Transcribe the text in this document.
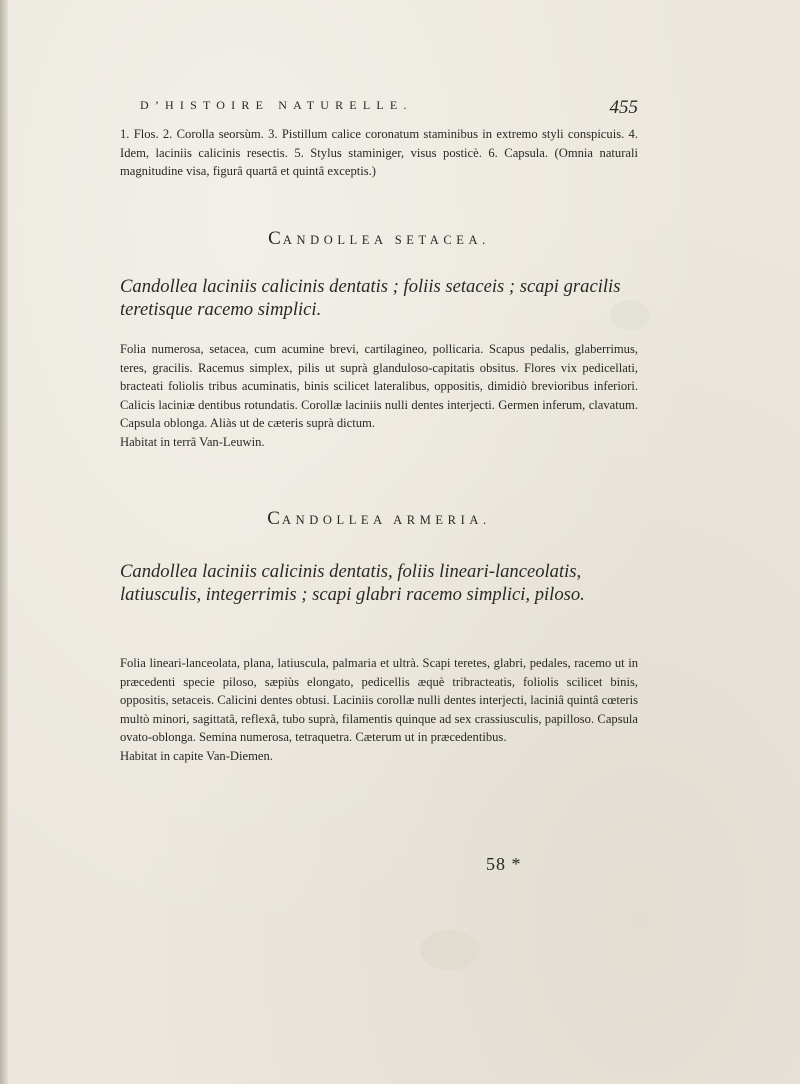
D’HISTOIRE NATURELLE.	455

1. Flos. 2. Corolla seorsùm. 3. Pistillum calice coronatum staminibus in extremo styli conspicuis. 4. Idem, laciniis calicinis resectis. 5. Stylus staminiger, visus posticè. 6. Capsula. (Omnia naturali magnitudine visa, figurâ quartâ et quintâ exceptis.)

CANDOLLEA SETACEA.

Candollea laciniis calicinis dentatis ; foliis setaceis ; scapi gracilis teretisque racemo simplici.

Folia numerosa, setacea, cum acumine brevi, cartilagineo, pollicaria. Scapus pedalis, glaberrimus, teres, gracilis. Racemus simplex, pilis ut suprà glanduloso-capitatis obsitus. Flores vix pedicellati, bracteati foliolis tribus acuminatis, binis scilicet lateralibus, oppositis, dimidiò brevioribus inferiori. Calicis laciniæ dentibus rotundatis. Corollæ laciniis nulli dentes interjecti. Germen inferum, clavatum. Capsula oblonga. Aliàs ut de cæteris suprà dictum.

Habitat in terrâ Van-Leuwin.

CANDOLLEA ARMERIA.

Candollea laciniis calicinis dentatis, foliis lineari-lanceolatis, latiusculis, integerrimis ; scapi glabri racemo simplici, piloso.

Folia lineari-lanceolata, plana, latiuscula, palmaria et ultrà. Scapi teretes, glabri, pedales, racemo ut in præcedenti specie piloso, sæpiùs elongato, pedicellis æquè tribracteatis, foliolis scilicet binis, oppositis, setaceis. Calicini dentes obtusi. Laciniis corollæ nulli dentes interjecti, laciniâ quintâ cœteris multò minori, sagittatâ, reflexâ, tubo suprà, filamentis quinque ad sex crassiusculis, papilloso. Capsula ovato-oblonga. Semina numerosa, tetraquetra. Cæterum ut in præcedentibus.

Habitat in capite Van-Diemen.

58 *
